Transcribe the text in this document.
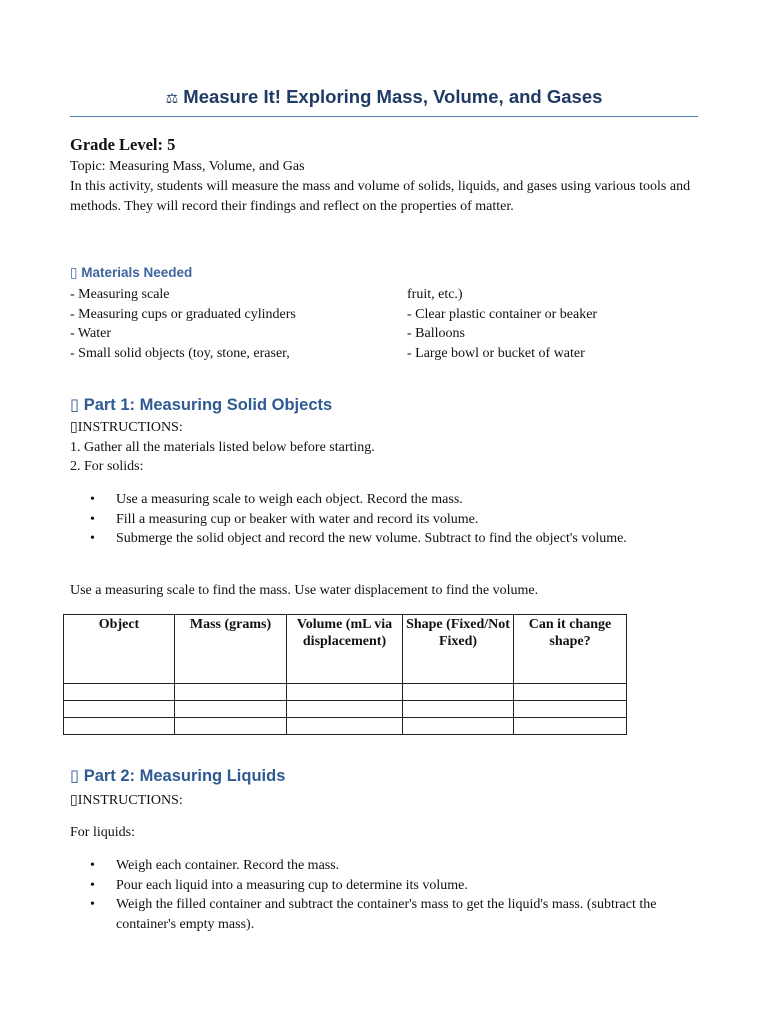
⚖ Measure It! Exploring Mass, Volume, and Gases
Grade Level: 5
Topic: Measuring Mass, Volume, and Gas
In this activity, students will measure the mass and volume of solids, liquids, and gases using various tools and methods. They will record their findings and reflect on the properties of matter.
▯ Materials Needed
- Measuring scale
- Measuring cups or graduated cylinders
- Water
- Small solid objects (toy, stone, eraser,
fruit, etc.)
- Clear plastic container or beaker
- Balloons
- Large bowl or bucket of water
▯ Part 1: Measuring Solid Objects
▯INSTRUCTIONS:
1. Gather all the materials listed below before starting.
2. For solids:
• Use a measuring scale to weigh each object. Record the mass.
• Fill a measuring cup or beaker with water and record its volume.
• Submerge the solid object and record the new volume. Subtract to find the object's volume.
Use a measuring scale to find the mass. Use water displacement to find the volume.
Object	Mass (grams)	Volume (mL via displacement)	Shape (Fixed/Not Fixed)	Can it change shape?

▯ Part 2: Measuring Liquids
▯INSTRUCTIONS:
For liquids:
• Weigh each container. Record the mass.
• Pour each liquid into a measuring cup to determine its volume.
• Weigh the filled container and subtract the container's mass to get the liquid's mass. (subtract the container's empty mass).
